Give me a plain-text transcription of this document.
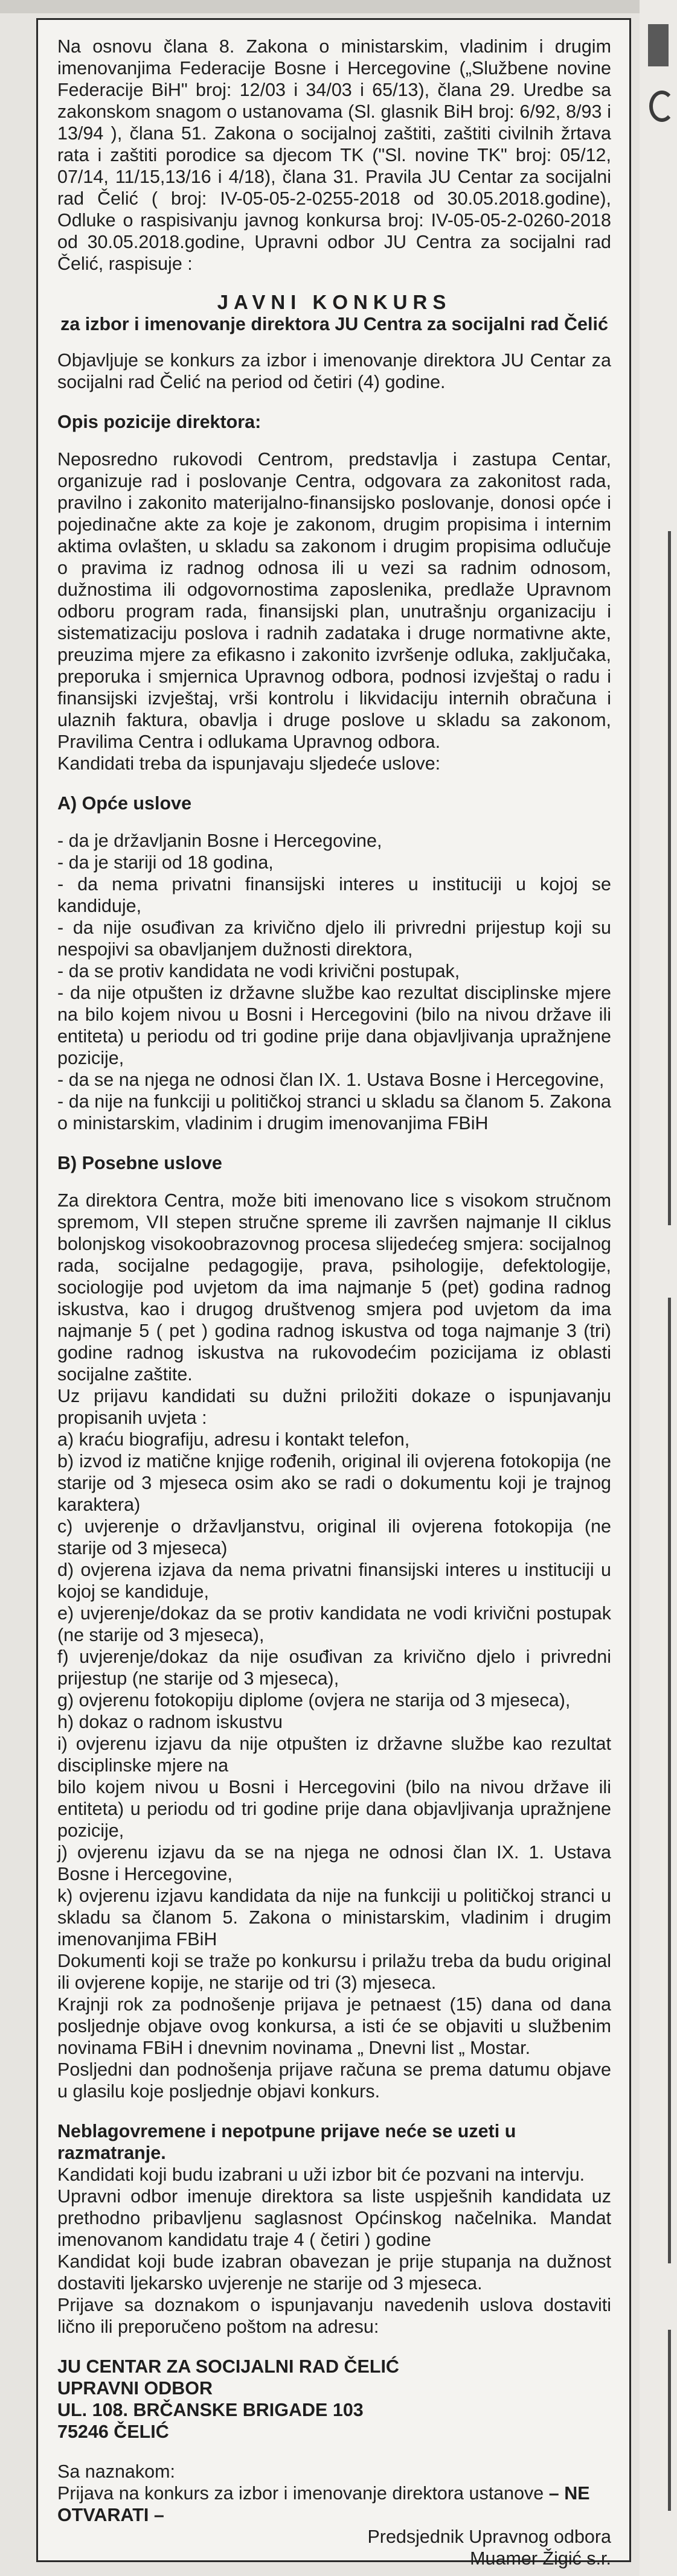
Na osnovu člana 8. Zakona o ministarskim, vladinim i drugim imenovanjima Federacije Bosne i Hercegovine („Službene novine Federacije BiH" broj: 12/03 i 34/03 i 65/13), člana 29. Uredbe sa zakonskom snagom o ustanovama (Sl. glasnik BiH broj: 6/92, 8/93 i 13/94 ), člana 51. Zakona o socijalnoj zaštiti, zaštiti civilnih žrtava rata i zaštiti porodice sa djecom TK ("Sl. novine TK" broj: 05/12, 07/14, 11/15,13/16 i 4/18), člana 31. Pravila JU Centar za socijalni rad Čelić ( broj: IV-05-05-2-0255-2018 od 30.05.2018.godine), Odluke o raspisivanju javnog konkursa broj: IV-05-05-2-0260-2018 od 30.05.2018.godine, Upravni odbor JU Centra za socijalni rad Čelić, raspisuje :

JAVNI KONKURS

za izbor i imenovanje direktora JU Centra za socijalni rad Čelić

Objavljuje se konkurs za izbor i imenovanje direktora JU Centar za socijalni rad Čelić na period od četiri (4) godine.

Opis pozicije direktora:

Neposredno rukovodi Centrom, predstavlja i zastupa Centar, organizuje rad i poslovanje Centra, odgovara za zakonitost rada, pravilno i zakonito materijalno-finansijsko poslovanje, donosi opće i pojedinačne akte za koje je zakonom, drugim propisima i internim aktima ovlašten, u skladu sa zakonom i drugim propisima odlučuje o pravima iz radnog odnosa ili u vezi sa radnim odnosom, dužnostima ili odgovornostima zaposlenika, predlaže Upravnom odboru program rada, finansijski plan, unutrašnju organizaciju i sistematizaciju poslova i radnih zadataka i druge normativne akte, preuzima mjere za efikasno i zakonito izvršenje odluka, zaključaka, preporuka i smjernica Upravnog odbora, podnosi izvještaj o radu i finansijski izvještaj, vrši kontrolu i likvidaciju internih obračuna i ulaznih faktura, obavlja i druge poslove u skladu sa zakonom, Pravilima Centra i odlukama Upravnog odbora.

Kandidati treba da ispunjavaju sljedeće uslove:

A) Opće uslove

- da je državljanin Bosne i Hercegovine,

- da je stariji od 18 godina,

- da nema privatni finansijski interes u instituciji u kojoj se kandiduje,

- da nije osuđivan za krivično djelo ili privredni prijestup koji su nespojivi sa obavljanjem dužnosti direktora,

- da se protiv kandidata ne vodi krivični postupak,

- da nije otpušten iz državne službe kao rezultat disciplinske mjere na bilo kojem nivou u Bosni i Hercegovini (bilo na nivou države ili entiteta) u periodu od tri godine prije dana objavljivanja upražnjene pozicije,

- da se na njega ne odnosi član IX. 1. Ustava Bosne i Hercegovine,

- da nije na funkciji u političkoj stranci u skladu sa članom 5. Zakona o ministarskim, vladinim i drugim imenovanjima FBiH

B) Posebne uslove

Za direktora Centra, može biti imenovano lice s visokom stručnom spremom, VII stepen stručne spreme ili završen najmanje II ciklus bolonjskog visokoobrazovnog procesa slijedećeg smjera: socijalnog rada, socijalne pedagogije, prava, psihologije, defektologije, sociologije pod uvjetom da ima najmanje 5 (pet) godina radnog iskustva, kao i drugog društvenog smjera pod uvjetom da ima najmanje 5 ( pet ) godina radnog iskustva od toga najmanje 3 (tri) godine radnog iskustva na rukovodećim pozicijama iz oblasti socijalne zaštite.

Uz prijavu kandidati su dužni priložiti dokaze o ispunjavanju propisanih uvjeta :

a) kraću biografiju, adresu i kontakt telefon,

b) izvod iz matične knjige rođenih, original ili ovjerena fotokopija (ne starije od 3 mjeseca osim ako se radi o dokumentu koji je trajnog karaktera)

c) uvjerenje o državljanstvu, original ili ovjerena fotokopija (ne starije od 3 mjeseca)

d) ovjerena izjava da nema privatni finansijski interes u instituciji u kojoj se kandiduje,

e) uvjerenje/dokaz da se protiv kandidata ne vodi krivični postupak (ne starije od 3 mjeseca),

f) uvjerenje/dokaz da nije osuđivan za krivično djelo i privredni prijestup (ne starije od 3 mjeseca),

g) ovjerenu fotokopiju diplome (ovjera ne starija od 3 mjeseca),

h) dokaz o radnom iskustvu

i) ovjerenu izjavu da nije otpušten iz državne službe kao rezultat disciplinske mjere na

bilo kojem nivou u Bosni i Hercegovini (bilo na nivou države ili entiteta) u periodu od tri godine prije dana objavljivanja upražnjene pozicije,

j) ovjerenu izjavu da se na njega ne odnosi član IX. 1. Ustava Bosne i Hercegovine,

k) ovjerenu izjavu kandidata da nije na funkciji u političkoj stranci u skladu sa članom 5. Zakona o ministarskim, vladinim i drugim imenovanjima FBiH

Dokumenti koji se traže po konkursu i prilažu treba da budu original ili ovjerene kopije, ne starije od tri (3) mjeseca.

Krajnji rok za podnošenje prijava je petnaest (15) dana od dana posljednje objave ovog konkursa, a isti će se objaviti u službenim novinama FBiH i dnevnim novinama „ Dnevni list „ Mostar.

Posljedni dan podnošenja prijave računa se prema datumu objave u glasilu koje posljednje objavi konkurs.

Neblagovremene i nepotpune prijave neće se uzeti u razmatranje.

Kandidati koji budu izabrani u uži izbor bit će pozvani na intervju.

Upravni odbor imenuje direktora sa liste uspješnih kandidata uz prethodno pribavljenu saglasnost Općinskog načelnika. Mandat imenovanom kandidatu traje 4 ( četiri ) godine

Kandidat koji bude izabran obavezan je prije stupanja na dužnost dostaviti ljekarsko uvjerenje ne starije od 3 mjeseca.

Prijave sa doznakom o ispunjavanju navedenih uslova dostaviti lično ili preporučeno poštom na adresu:

JU CENTAR ZA SOCIJALNI RAD ČELIĆ

UPRAVNI ODBOR

UL. 108. BRČANSKE BRIGADE 103

75246 ČELIĆ

Sa naznakom:

Prijava na konkurs za izbor i imenovanje direktora ustanove – NE OTVARATI –

Predsjednik Upravnog odbora

Muamer Žigić s.r.
